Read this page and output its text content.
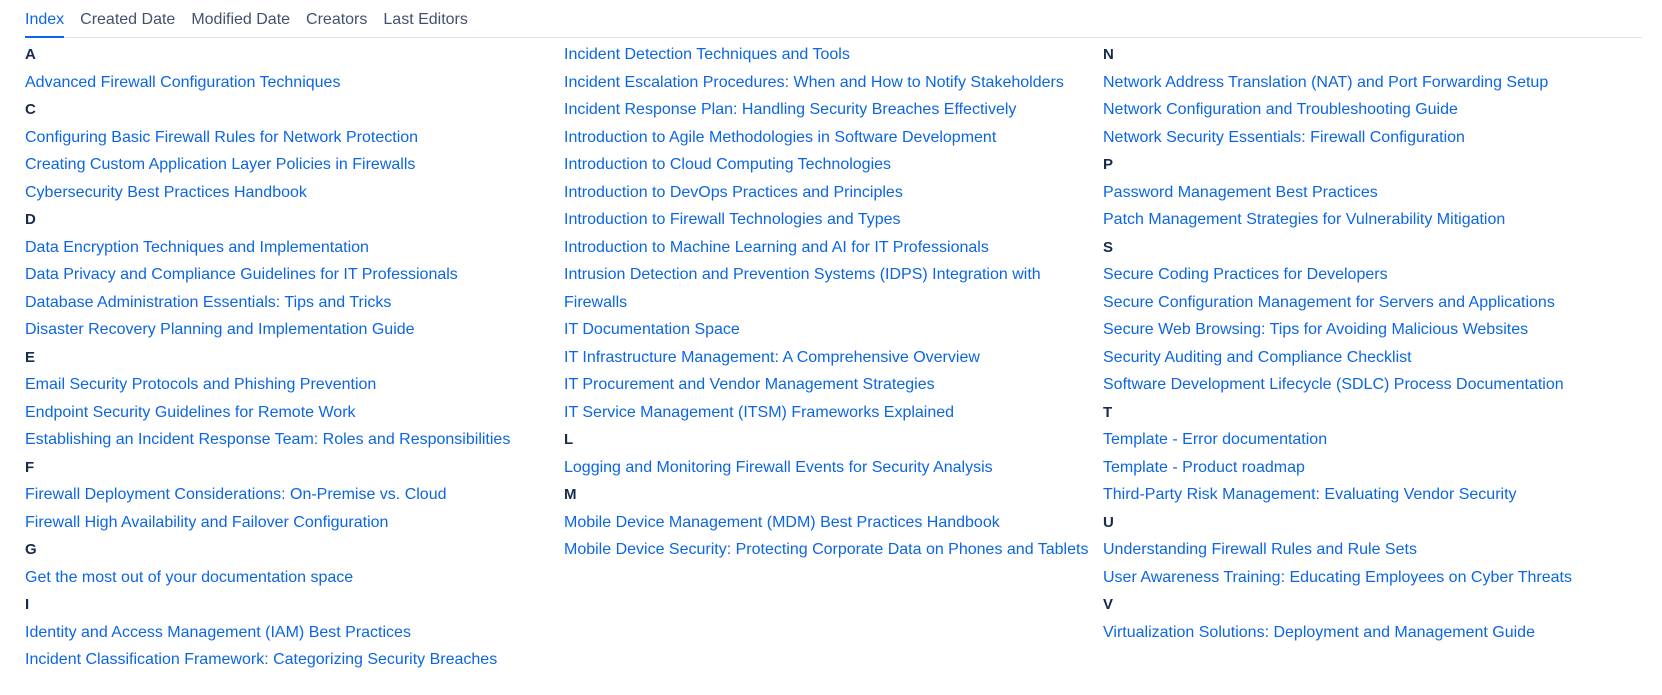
Index Created Date Modified Date Creators Last Editors
A
Advanced Firewall Configuration Techniques
C
Configuring Basic Firewall Rules for Network Protection
Creating Custom Application Layer Policies in Firewalls
Cybersecurity Best Practices Handbook
D
Data Encryption Techniques and Implementation
Data Privacy and Compliance Guidelines for IT Professionals
Database Administration Essentials: Tips and Tricks
Disaster Recovery Planning and Implementation Guide
E
Email Security Protocols and Phishing Prevention
Endpoint Security Guidelines for Remote Work
Establishing an Incident Response Team: Roles and Responsibilities
F
Firewall Deployment Considerations: On-Premise vs. Cloud
Firewall High Availability and Failover Configuration
G
Get the most out of your documentation space
I
Identity and Access Management (IAM) Best Practices
Incident Classification Framework: Categorizing Security Breaches
Incident Detection Techniques and Tools
Incident Escalation Procedures: When and How to Notify Stakeholders
Incident Response Plan: Handling Security Breaches Effectively
Introduction to Agile Methodologies in Software Development
Introduction to Cloud Computing Technologies
Introduction to DevOps Practices and Principles
Introduction to Firewall Technologies and Types
Introduction to Machine Learning and AI for IT Professionals
Intrusion Detection and Prevention Systems (IDPS) Integration with Firewalls
IT Documentation Space
IT Infrastructure Management: A Comprehensive Overview
IT Procurement and Vendor Management Strategies
IT Service Management (ITSM) Frameworks Explained
L
Logging and Monitoring Firewall Events for Security Analysis
M
Mobile Device Management (MDM) Best Practices Handbook
Mobile Device Security: Protecting Corporate Data on Phones and Tablets
N
Network Address Translation (NAT) and Port Forwarding Setup
Network Configuration and Troubleshooting Guide
Network Security Essentials: Firewall Configuration
P
Password Management Best Practices
Patch Management Strategies for Vulnerability Mitigation
S
Secure Coding Practices for Developers
Secure Configuration Management for Servers and Applications
Secure Web Browsing: Tips for Avoiding Malicious Websites
Security Auditing and Compliance Checklist
Software Development Lifecycle (SDLC) Process Documentation
T
Template - Error documentation
Template - Product roadmap
Third-Party Risk Management: Evaluating Vendor Security
U
Understanding Firewall Rules and Rule Sets
User Awareness Training: Educating Employees on Cyber Threats
V
Virtualization Solutions: Deployment and Management Guide
